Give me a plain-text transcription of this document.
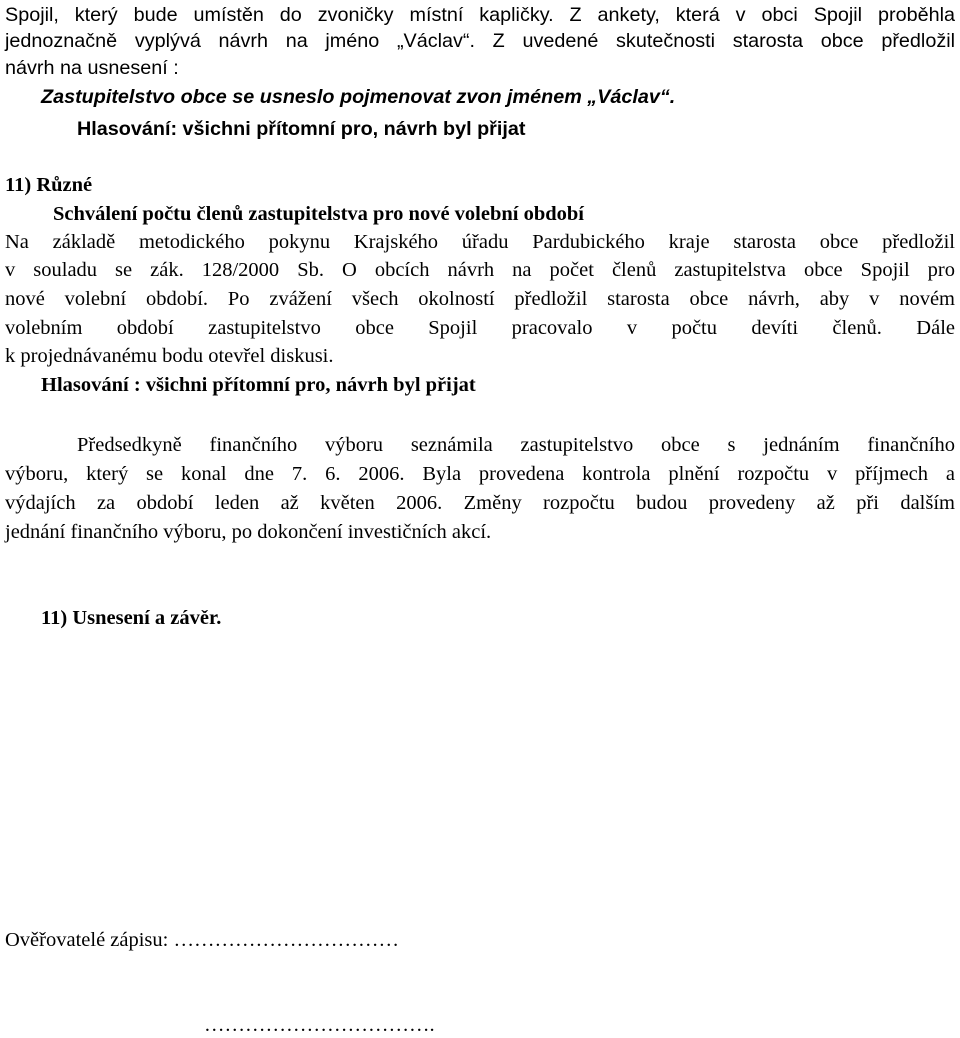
Spojil, který bude umístěn do zvoničky místní kapličky. Z ankety, která v obci Spojil proběhla
jednoznačně vyplývá návrh na jméno „Václav“. Z uvedené skutečnosti starosta obce předložil
návrh na usnesení :
Zastupitelstvo obce se usneslo pojmenovat zvon jménem „Václav“.
Hlasování: všichni přítomní pro, návrh byl přijat
11) Různé
Schválení počtu členů zastupitelstva pro nové volební období
Na základě metodického pokynu Krajského úřadu Pardubického kraje starosta obce předložil
v souladu se zák. 128/2000 Sb. O obcích návrh na počet členů zastupitelstva obce Spojil pro
nové volební období. Po zvážení všech okolností předložil starosta obce návrh, aby v novém
volebním období zastupitelstvo obce Spojil pracovalo v počtu devíti členů. Dále
k projednávanému bodu otevřel diskusi.
Hlasování : všichni přítomní pro, návrh byl přijat
Předsedkyně finančního výboru seznámila zastupitelstvo obce s jednáním finančního
výboru, který se konal dne 7. 6. 2006. Byla provedena kontrola plnění rozpočtu v příjmech a
výdajích za období leden až květen 2006. Změny rozpočtu budou provedeny až při dalším
jednání finančního výboru, po dokončení investičních akcí.
11) Usnesení a závěr.
Ověřovatelé zápisu: ……………………………
…………………………….
